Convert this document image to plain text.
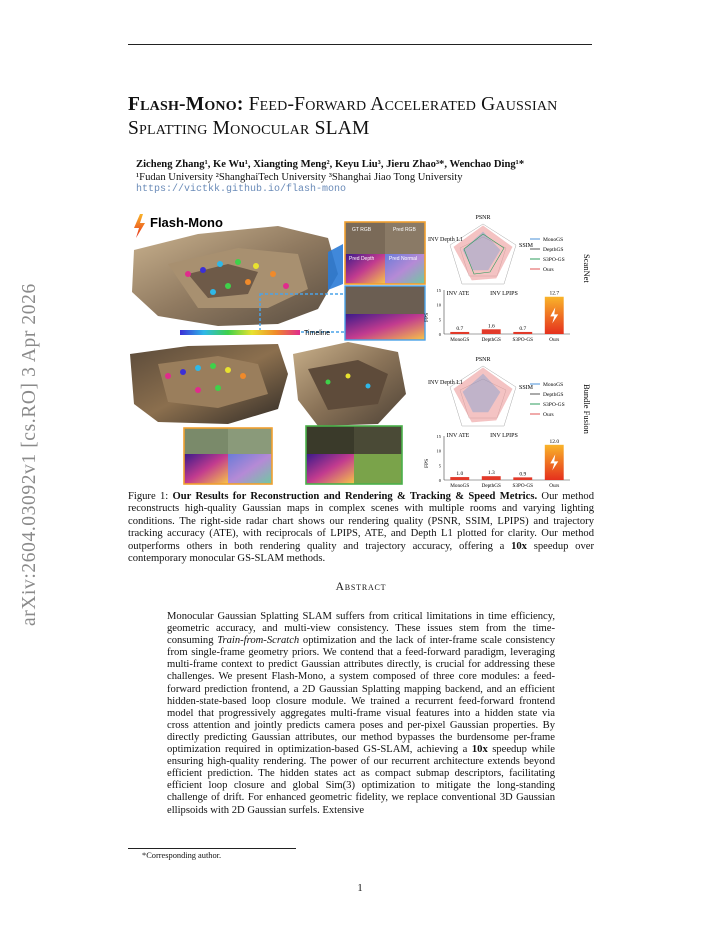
arXiv:2604.03092v1 [cs.RO] 3 Apr 2026
Flash-Mono: Feed-Forward Accelerated Gaussian Splatting Monocular SLAM
Zicheng Zhang¹, Ke Wu¹, Xiangting Meng², Keyu Liu³, Jieru Zhao³*, Wenchao Ding¹*
¹Fudan University ²ShanghaiTech University ³Shanghai Jiao Tong University
https://victkk.github.io/flash-mono
Flash-Mono
Timeline
GT RGB	Pred RGB
Pred Depth	Pred Normal
PSNR
SSIM
INV LPIPS
INV ATE
INV Depth L1	MonoGS
DepthGS
S3PO-GS
Ours
PSNR
SSIM
INV LPIPS
INV ATE
INV Depth L1	MonoGS
DepthGS
S3PO-GS
Ours
ScanNet
Bundle Fusion
FPS
15
10
5
0
0.7
MonoGS
1.6
DepthGS
0.7
S3PO-GS
12.7
Ours
FPS
15
10
5
0
1.0
MonoGS
1.3
DepthGS
0.9
S3PO-GS
12.0
Ours
Figure 1: Our Results for Reconstruction and Rendering & Tracking & Speed Metrics. Our method reconstructs high-quality Gaussian maps in complex scenes with multiple rooms and varying lighting conditions. The right-side radar chart shows our rendering quality (PSNR, SSIM, LPIPS) and trajectory tracking accuracy (ATE), with reciprocals of LPIPS, ATE, and Depth L1 plotted for clarity. Our method outperforms others in both rendering quality and trajectory accuracy, offering a 10x speedup over contemporary monocular GS-SLAM methods.
Abstract
Monocular Gaussian Splatting SLAM suffers from critical limitations in time efficiency, geometric accuracy, and multi-view consistency. These issues stem from the time-consuming Train-from-Scratch optimization and the lack of inter-frame scale consistency from single-frame geometry priors. We contend that a feed-forward paradigm, leveraging multi-frame context to predict Gaussian attributes directly, is crucial for addressing these challenges. We present Flash-Mono, a system composed of three core modules: a feed-forward prediction frontend, a 2D Gaussian Splatting mapping backend, and an efficient hidden-state-based loop closure module. We trained a recurrent feed-forward frontend model that progressively aggregates multi-frame visual features into a hidden state via cross attention and jointly predicts camera poses and per-pixel Gaussian properties. By directly predicting Gaussian attributes, our method bypasses the burdensome per-frame optimization required in optimization-based GS-SLAM, achieving a 10x speedup while ensuring high-quality rendering. The power of our recurrent architecture extends beyond efficient prediction. The hidden states act as compact submap descriptors, facilitating efficient loop closure and global Sim(3) optimization to mitigate the long-standing challenge of drift. For enhanced geometric fidelity, we replace conventional 3D Gaussian ellipsoids with 2D Gaussian surfels. Extensive
*Corresponding author.
1
